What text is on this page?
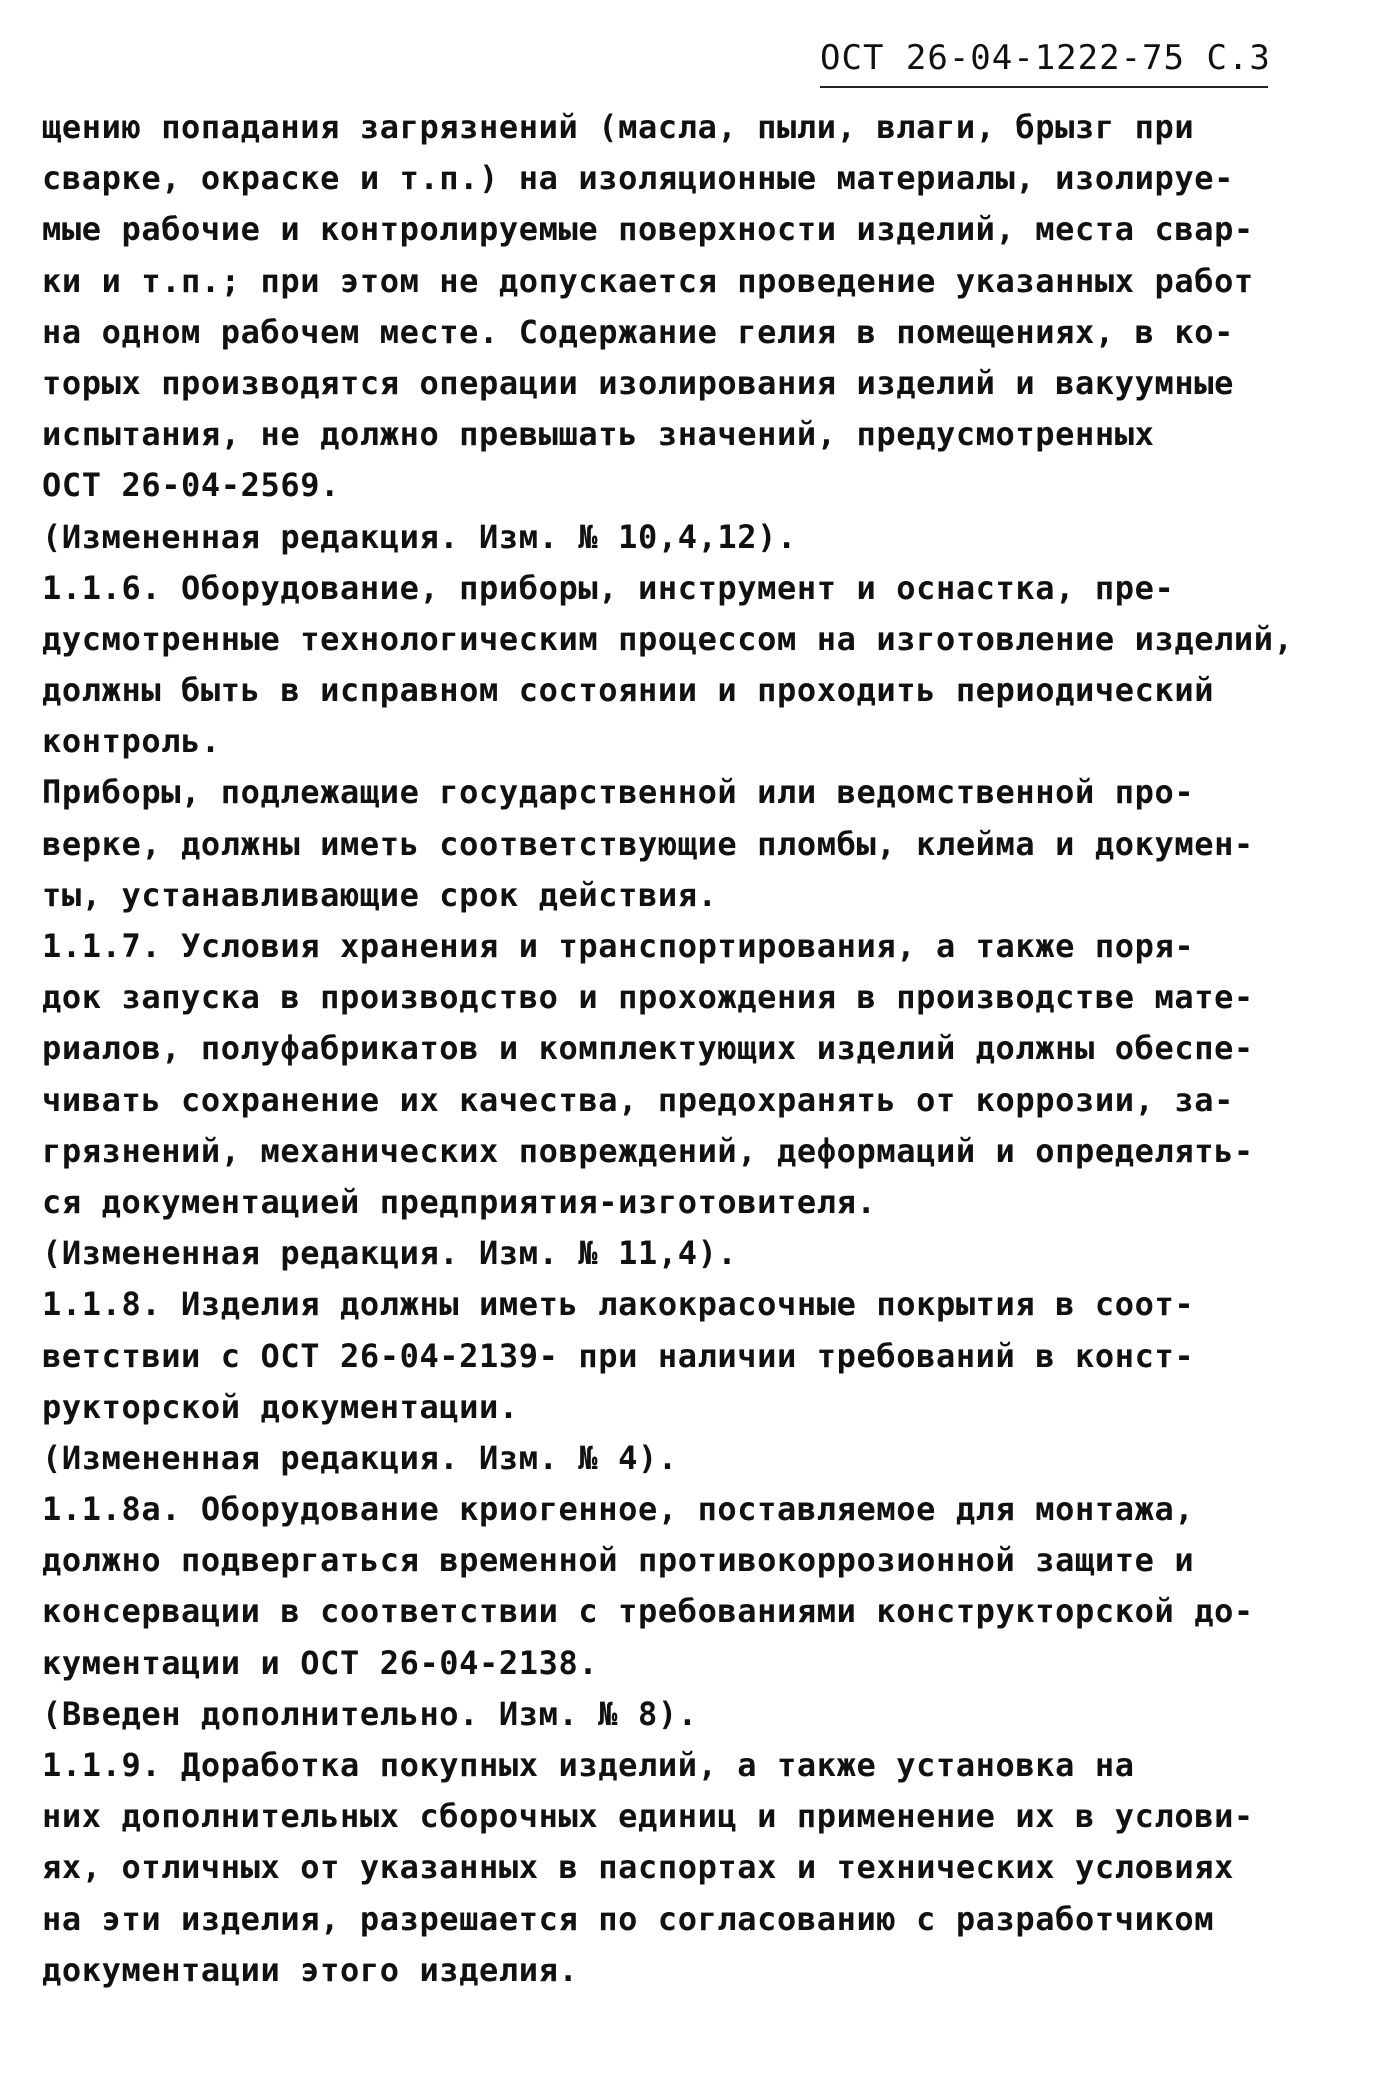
ОСТ 26-04-1222-75 С.3
щению попадания загрязнений (масла, пыли, влаги, брызг при
сварке, окраске и т.п.) на изоляционные материалы, изолируе-
мые рабочие и контролируемые поверхности изделий, места свар-
ки и т.п.; при этом не допускается проведение указанных работ
на одном рабочем месте. Содержание гелия в помещениях, в ко-
торых производятся операции изолирования изделий и вакуумные
испытания, не должно превышать значений, предусмотренных
ОСТ 26-04-2569.
(Измененная редакция. Изм. № 10,4,12).
1.1.6. Оборудование, приборы, инструмент и оснастка, пре-
дусмотренные технологическим процессом на изготовление изделий,
должны быть в исправном состоянии и проходить периодический
контроль.
Приборы, подлежащие государственной или ведомственной про-
верке, должны иметь соответствующие пломбы, клейма и докумен-
ты, устанавливающие срок действия.
1.1.7. Условия хранения и транспортирования, а также поря-
док запуска в производство и прохождения в производстве мате-
риалов, полуфабрикатов и комплектующих изделий должны обеспе-
чивать сохранение их качества, предохранять от коррозии, за-
грязнений, механических повреждений, деформаций и определять-
ся документацией предприятия-изготовителя.
(Измененная редакция. Изм. № 11,4).
1.1.8. Изделия должны иметь лакокрасочные покрытия в соот-
ветствии с ОСТ 26-04-2139- при наличии требований в конст-
рукторской документации.
(Измененная редакция. Изм. № 4).
1.1.8а. Оборудование криогенное, поставляемое для монтажа,
должно подвергаться временной противокоррозионной защите и
консервации в соответствии с требованиями конструкторской до-
кументации и ОСТ 26-04-2138.
(Введен дополнительно. Изм. № 8).
1.1.9. Доработка покупных изделий, а также установка на
них дополнительных сборочных единиц и применение их в услови-
ях, отличных от указанных в паспортах и технических условиях
на эти изделия, разрешается по согласованию с разработчиком
документации этого изделия.
